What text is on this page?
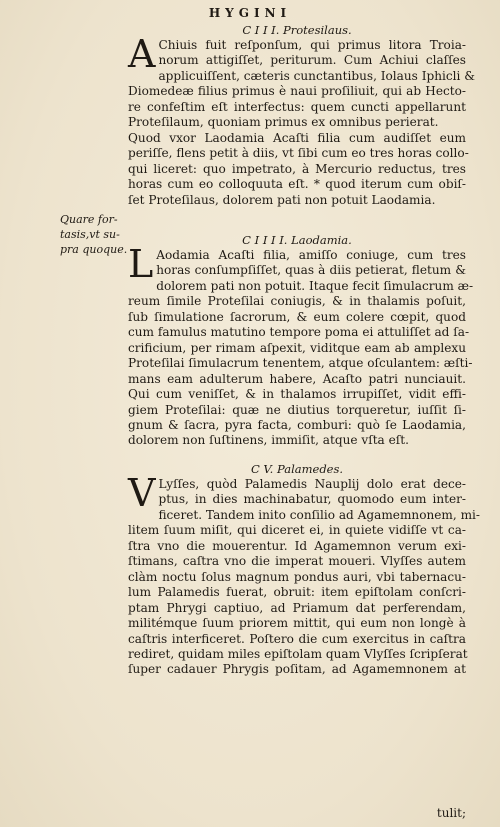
HYGINI
Quare for-
tasis,vt su-
pra quoque.
C I I I. Protesilaus.
A Chiuis fuit reſponſum, qui primus litora Troia-
norum attigiſſet, periturum. Cum Achiui claſſes
applicuiſſent, cæteris cunctantibus, Iolaus Iphicli &
Diomedeæ filius primus è naui proſiliuit, qui ab Hecto-
re confeſtim eſt interfectus: quem cuncti appellarunt
Proteſilaum, quoniam primus ex omnibus perierat.
Quod vxor Laodamia Acaſti filia cum audiſſet eum
periſſe, flens petit à diis, vt ſibi cum eo tres horas collo-
qui liceret: quo impetrato, à Mercurio reductus, tres
horas cum eo colloquuta eſt. * quod iterum cum obiſ-
ſet Proteſilaus, dolorem pati non potuit Laodamia.
C I I I I. Laodamia.
L Aodamia Acaſti filia, amiſſo coniuge, cum tres
horas conſumpſiſſet, quas à diis petierat, fletum &
dolorem pati non potuit. Itaque fecit ſimulacrum æ-
reum ſimile Proteſilai coniugis, & in thalamis poſuit,
ſub ſimulatione ſacrorum, & eum colere cœpit, quod
cum famulus matutino tempore poma ei attuliſſet ad ſa-
crificium, per rimam aſpexit, viditque eam ab amplexu
Proteſilai ſimulacrum tenentem, atque oſculantem: æſti-
mans eam adulterum habere, Acaſto patri nunciauit.
Qui cum veniſſet, & in thalamos irrupiſſet, vidit effi-
giem Proteſilai: quæ ne diutius torqueretur, iuſſit ſi-
gnum & ſacra, pyra facta, comburi: quò ſe Laodamia,
dolorem non ſuſtinens, immiſit, atque vſta eſt.
C V. Palamedes.
V Lyſſes, quòd Palamedis Nauplij dolo erat dece-
ptus, in dies machinabatur, quomodo eum inter-
ficeret. Tandem inito conſilio ad Agamemnonem, mi-
litem ſuum miſit, qui diceret ei, in quiete vidiſſe vt ca-
ſtra vno die mouerentur. Id Agamemnon verum exi-
ſtimans, caſtra vno die imperat moueri. Vlyſſes autem
clàm noctu ſolus magnum pondus auri, vbi tabernacu-
lum Palamedis fuerat, obruit: item epiſtolam conſcri-
ptam Phrygi captiuo, ad Priamum dat perferendam,
militémque ſuum priorem mittit, qui eum non longè à
caſtris interficeret. Poſtero die cum exercitus in caſtra
rediret, quidam miles epiſtolam quam Vlyſſes ſcripſerat
ſuper cadauer Phrygis poſitam, ad Agamemnonem at
tulit;
